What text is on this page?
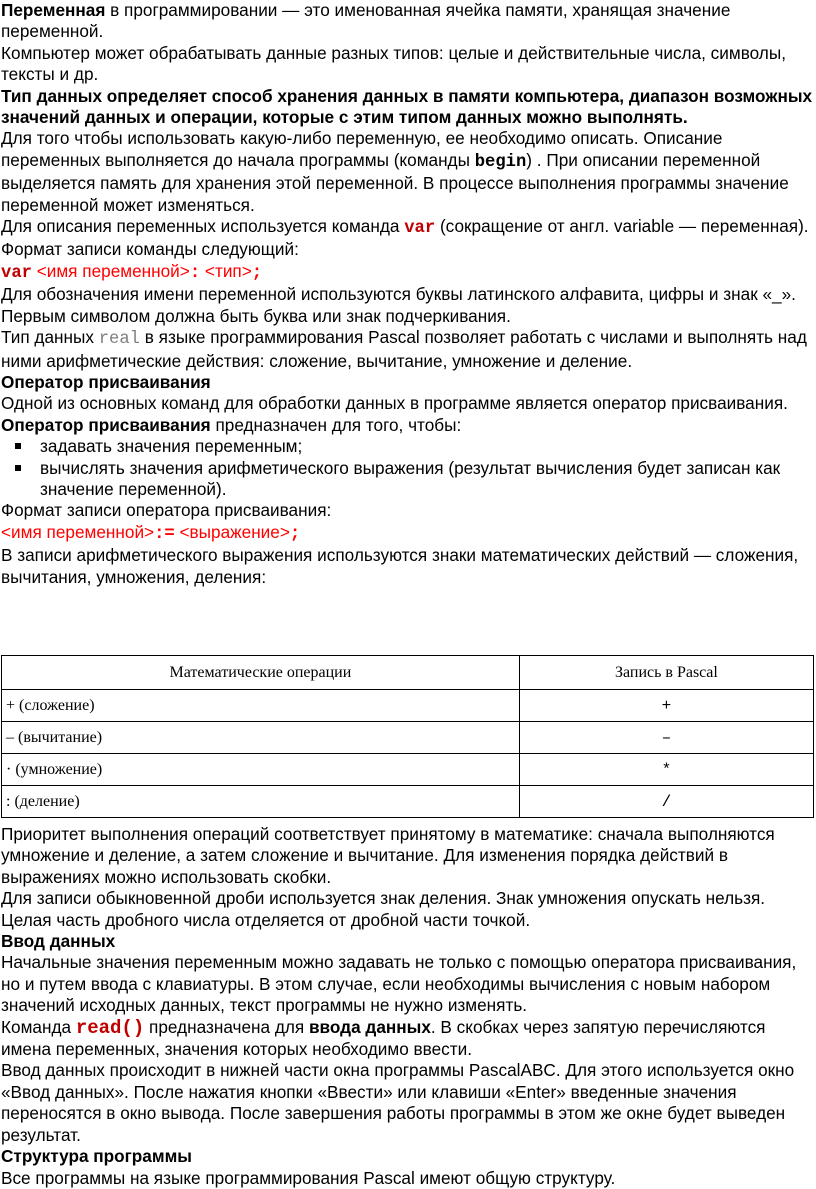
Переменная в программировании — это именованная ячейка памяти, хранящая значение переменной.

Компьютер может обрабатывать данные разных типов: целые и действительные числа, символы, тексты и др.

Тип данных определяет способ хранения данных в памяти компьютера, диапазон возможных значений данных и операции, которые с этим типом данных можно выполнять.

Для того чтобы использовать какую-либо переменную, ее необходимо описать. Описание переменных выполняется до начала программы (команды begin) . При описании переменной выделяется память для хранения этой переменной. В процессе выполнения программы значение переменной может изменяться.

Для описания переменных используется команда var (сокращение от англ. variable — переменная).

Формат записи команды следующий:

var <имя переменной>: <тип>;

Для обозначения имени переменной используются буквы латинского алфавита, цифры и знак «_». Первым символом должна быть буква или знак подчеркивания.

Тип данных real в языке программирования Pascal позволяет работать с числами и выполнять над ними арифметические действия: сложение, вычитание, умножение и деление.

Оператор присваивания

Одной из основных команд для обработки данных в программе является оператор присваивания.

Оператор присваивания предназначен для того, чтобы:

задавать значения переменным;
вычислять значения арифметического выражения (результат вычисления будет записан как значение переменной).

Формат записи оператора присваивания:

<имя переменной>:= <выражение>;

В записи арифметического выражения используются знаки математических действий — сложения, вычитания, умножения, деления:

Математические операции	Запись в Pascal
+ (сложение)	+
– (вычитание)	–
· (умножение)	*
: (деление)	/

Приоритет выполнения операций соответствует принятому в математике: сначала выполняются умножение и деление, а затем сложение и вычитание. Для изменения порядка действий в выражениях можно использовать скобки.

Для записи обыкновенной дроби используется знак деления. Знак умножения опускать нельзя. Целая часть дробного числа отделяется от дробной части точкой.

Ввод данных

Начальные значения переменным можно задавать не только с помощью оператора присваивания, но и путем ввода с клавиатуры. В этом случае, если необходимы вычисления с новым набором значений исходных данных, текст программы не нужно изменять.

Команда read() предназначена для ввода данных. В скобках через запятую перечисляются имена переменных, значения которых необходимо ввести.

Ввод данных происходит в нижней части окна программы PascalABC. Для этого используется окно «Ввод данных». После нажатия кнопки «Ввести» или клавиши «Enter» введенные значения переносятся в окно вывода. После завершения работы программы в этом же окне будет выведен результат.

Структура программы

Все программы на языке программирования Pascal имеют общую структуру.
